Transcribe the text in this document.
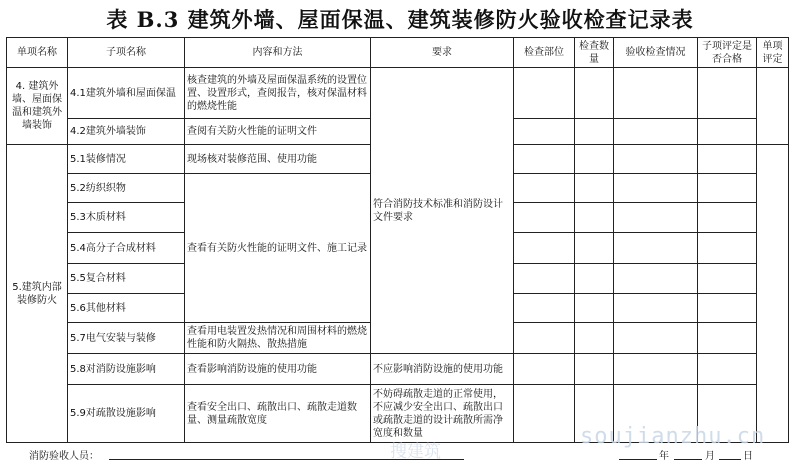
表 B.3 建筑外墙、屋面保温、建筑装修防火验收检查记录表
单项名称	子项名称	内容和方法	要求	检查部位	检查数量	验收检查情况	子项评定是否合格	单项评定
4. 建筑外墙、屋面保温和建筑外墙装饰	4.1建筑外墙和屋面保温	核查建筑的外墙及屋面保温系统的设置位置、设置形式，查阅报告，核对保温材料的燃烧性能	符合消防技术标准和消防设计文件要求					
	4.2建筑外墙装饰	查阅有关防火性能的证明文件						
5.建筑内部装修防火	5.1装修情况	现场核对装修范围、使用功能						
	5.2纺织织物	查看有关防火性能的证明文件、施工记录						
	5.3木质材料							
	5.4高分子合成材料							
	5.5复合材料							
	5.6其他材料							
	5.7电气安装与装修	查看用电装置发热情况和周围材料的燃烧性能和防火隔热、散热措施						
	5.8对消防设施影响	查看影响消防设施的使用功能	不应影响消防设施的使用功能					
	5.9对疏散设施影响	查看安全出口、疏散出口、疏散走道数量、测量疏散宽度	不妨碍疏散走道的正常使用，不应减少安全出口、疏散出口或疏散走道的设计疏散所需净宽度和数量					
搜建筑
soujianzhu.cn
消防验收人员：	年	月	日
